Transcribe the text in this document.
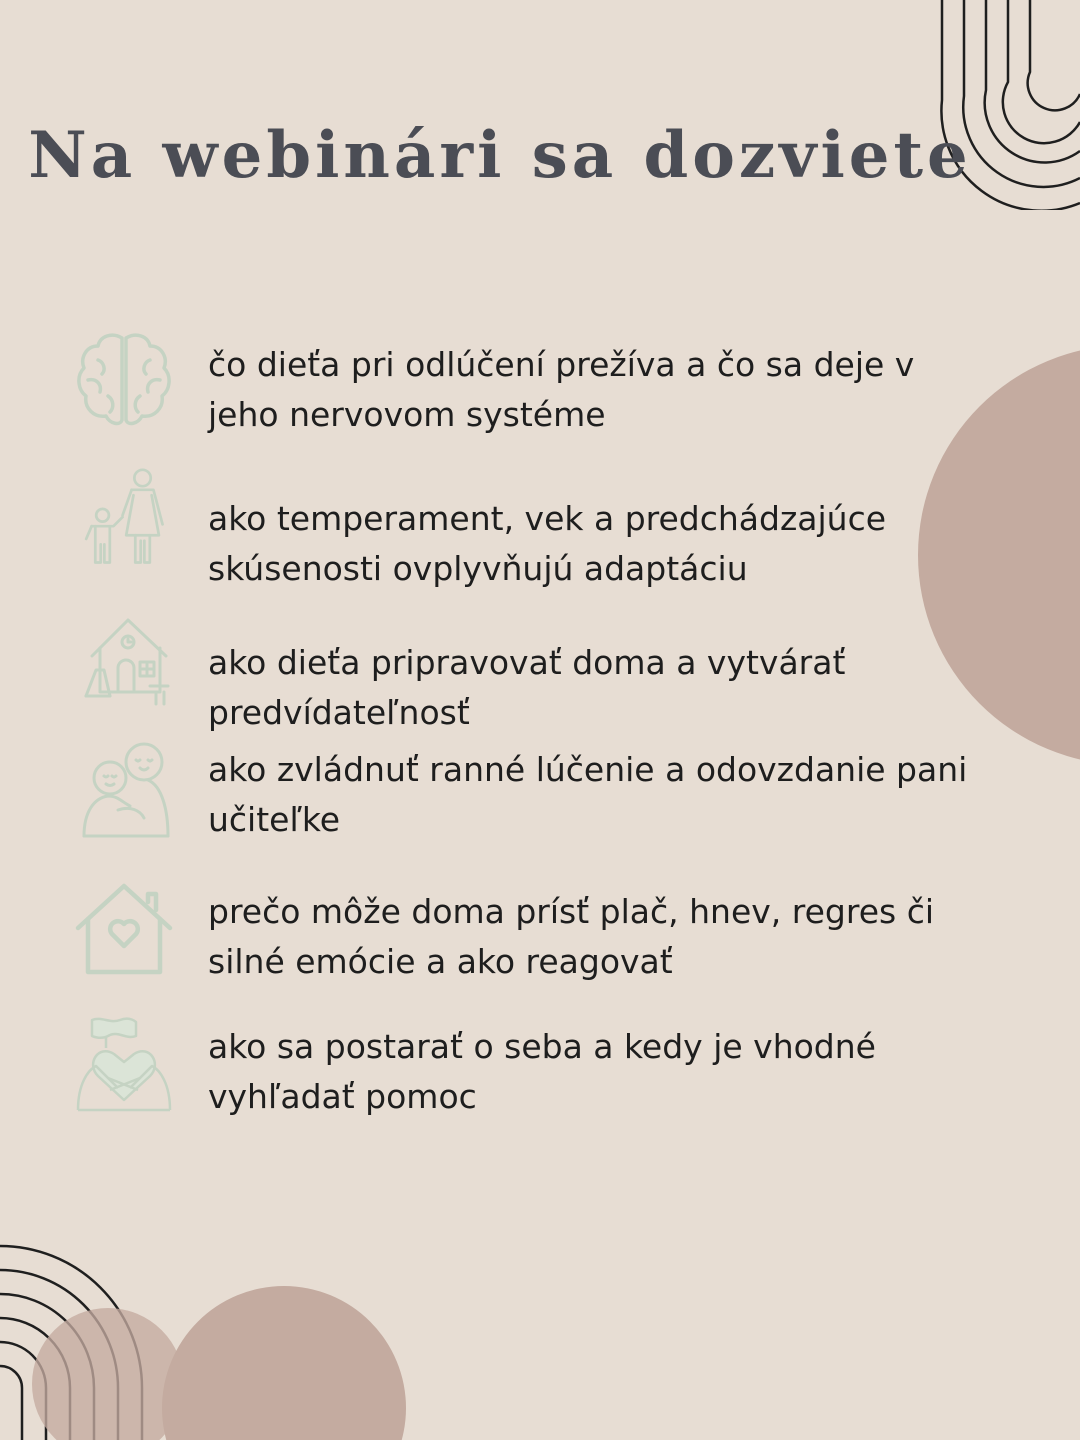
Na webinári sa dozviete

čo dieťa pri odlúčení prežíva a čo sa deje v jeho nervovom systéme

ako temperament, vek a predchádzajúce skúsenosti ovplyvňujú adaptáciu

ako dieťa pripravovať doma a vytvárať predvídateľnosť

ako zvládnuť ranné lúčenie a odovzdanie pani učiteľke

prečo môže doma prísť plač, hnev, regres či silné emócie a ako reagovať

ako sa postarať o seba a kedy je vhodné vyhľadať pomoc
